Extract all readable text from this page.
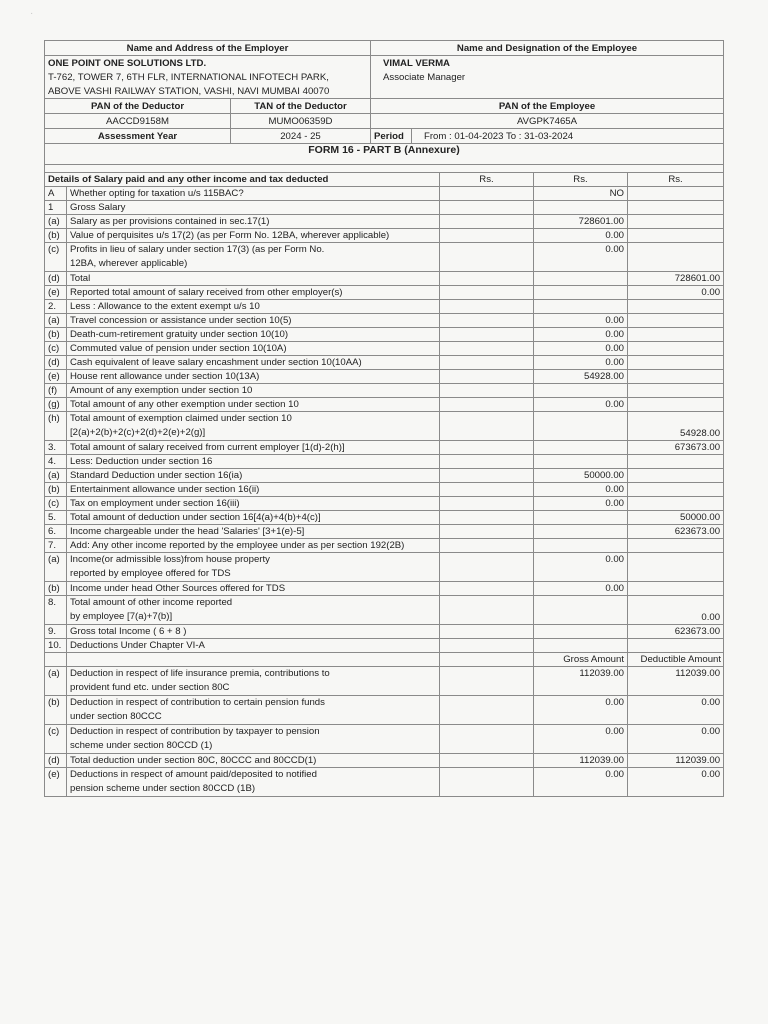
Name and Address of the Employer		Name and Designation of the Employee	
ONE POINT ONE SOLUTIONS LTD.		VIMAL VERMA	
T-762, TOWER 7, 6TH FLR, INTERNATIONAL INFOTECH PARK,		Associate Manager	
ABOVE VASHI RAILWAY STATION, VASHI, NAVI MUMBAI 40070			
PAN of the Deductor	TAN of the Deductor	PAN of the Employee	
AACCD9158M	MUMO06359D	AVGPK7465A	
Assessment Year	2024 - 25	Period	From : 01-04-2023 To : 31-03-2024
FORM 16 - PART B (Annexure)			

Details of Salary paid and any other income and tax deducted		Rs.	Rs.	Rs.
A	Whether opting for taxation u/s 115BAC?		NO	
1	Gross Salary			
(a)	Salary as per provisions contained in sec.17(1)		728601.00	
(b)	Value of perquisites u/s 17(2) (as per Form No. 12BA, wherever applicable)		0.00	
(c)	Profits in lieu of salary under section 17(3) (as per Form No.
12BA, wherever applicable)		0.00	
(d)	Total			728601.00
(e)	Reported total amount of salary received from other employer(s)			0.00
2.	Less : Allowance to the extent exempt u/s 10			
(a)	Travel concession or assistance under section 10(5)		0.00	
(b)	Death-cum-retirement gratuity under section 10(10)		0.00	
(c)	Commuted value of pension under section 10(10A)		0.00	
(d)	Cash equivalent of leave salary encashment under section 10(10AA)		0.00	
(e)	House rent allowance under section 10(13A)		54928.00	
(f)	Amount of any exemption under section 10			
(g)	Total amount of any other exemption under section 10		0.00	
(h)	Total amount of exemption claimed under section 10
[2(a)+2(b)+2(c)+2(d)+2(e)+2(g)]			54928.00
3.	Total amount of salary received from current employer [1(d)-2(h)]			673673.00
4.	Less: Deduction under section 16			
(a)	Standard Deduction under section 16(ia)		50000.00	
(b)	Entertainment allowance under section 16(ii)		0.00	
(c)	Tax on employment under section 16(iii)		0.00	
5.	Total amount of deduction under section 16[4(a)+4(b)+4(c)]			50000.00
6.	Income chargeable under the head 'Salaries' [3+1(e)-5]			623673.00
7.	Add: Any other income reported by the employee under as per section 192(2B)			
(a)	Income(or admissible loss)from house property
reported by employee offered for TDS		0.00	
(b)	Income under head Other Sources offered for TDS		0.00	
8.	Total amount of other income reported
by employee [7(a)+7(b)]			0.00
9.	Gross total Income ( 6 + 8 )			623673.00
10.	Deductions Under Chapter VI-A			
			Gross Amount	Deductible Amount
(a)	Deduction in respect of life insurance premia, contributions to
provident fund etc. under section 80C		112039.00	112039.00
(b)	Deduction in respect of contribution to certain pension funds
under section 80CCC		0.00	0.00
(c)	Deduction in respect of contribution by taxpayer to pension
scheme under section 80CCD (1)		0.00	0.00
(d)	Total deduction under section 80C, 80CCC and 80CCD(1)		112039.00	112039.00
(e)	Deductions in respect of amount paid/deposited to notified
pension scheme under section 80CCD (1B)		0.00	0.00
·
